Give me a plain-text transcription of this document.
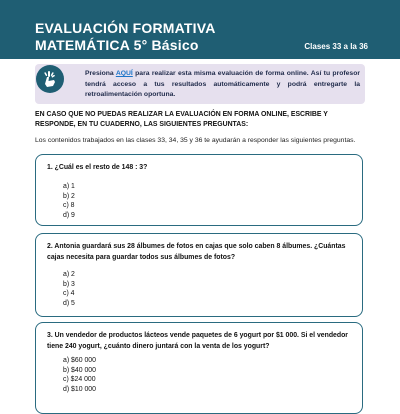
EVALUACIÓN FORMATIVA
MATEMÁTICA 5° Básico	Clases 33 a la 36
Presiona AQUÍ para realizar esta misma evaluación de forma online. Así tu profesor tendrá acceso a tus resultados automáticamente y podrá entregarte la retroalimentación oportuna.
EN CASO QUE NO PUEDAS REALIZAR LA EVALUACIÓN EN FORMA ONLINE, ESCRIBE Y RESPONDE, EN TU CUADERNO, LAS SIGUIENTES PREGUNTAS:
Los contenidos trabajados en las clases 33, 34, 35 y 36 te ayudarán a responder las siguientes preguntas.
1. ¿Cuál es el resto de 148 : 3?
a) 1
b) 2
c) 8
d) 9
2. Antonia guardará sus 28 álbumes de fotos en cajas que solo caben 8 álbumes. ¿Cuántas cajas necesita para guardar todos sus álbumes de fotos?
a) 2
b) 3
c) 4
d) 5
3. Un vendedor de productos lácteos vende paquetes de 6 yogurt por $1 000. Si el vendedor tiene 240 yogurt, ¿cuánto dinero juntará con la venta de los yogurt?
a) $60 000
b) $40 000
c) $24 000
d) $10 000
